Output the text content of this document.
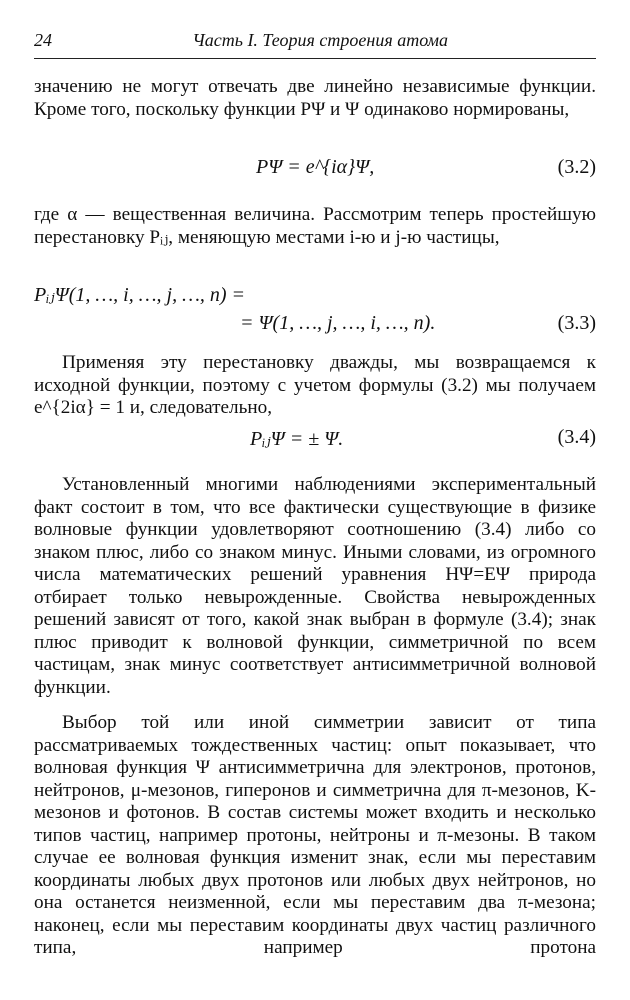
24	Часть I. Теория строения атома
значению не могут отвечать две линейно независимые функции. Кроме того, поскольку функции PΨ и Ψ одинаково нормированы,
PΨ = e^{iα}Ψ,	(3.2)
где α — вещественная величина. Рассмотрим теперь простейшую перестановку Pᵢⱼ, меняющую местами i-ю и j-ю частицы,
PᵢⱼΨ(1, …, i, …, j, …, n) =
= Ψ(1, …, j, …, i, …, n).	(3.3)
Применяя эту перестановку дважды, мы возвращаемся к исходной функции, поэтому с учетом формулы (3.2) мы получаем e^{2iα} = 1 и, следовательно,
PᵢⱼΨ = ± Ψ.	(3.4)
Установленный многими наблюдениями экспериментальный факт состоит в том, что все фактически существующие в физике волновые функции удовлетворяют соотношению (3.4) либо со знаком плюс, либо со знаком минус. Иными словами, из огромного числа математических решений уравнения HΨ=EΨ природа отбирает только невырожденные. Свойства невырожденных решений зависят от того, какой знак выбран в формуле (3.4); знак плюс приводит к волновой функции, симметричной по всем частицам, знак минус соответствует антисимметричной волновой функции.
Выбор той или иной симметрии зависит от типа рассматриваемых тождественных частиц: опыт показывает, что волновая функция Ψ антисимметрична для электронов, протонов, нейтронов, μ-мезонов, гиперонов и симметрична для π-мезонов, K-мезонов и фотонов. В состав системы может входить и несколько типов частиц, например протоны, нейтроны и π-мезоны. В таком случае ее волновая функция изменит знак, если мы переставим координаты любых двух протонов или любых двух нейтронов, но она останется неизменной, если мы переставим два π-мезона; наконец, если мы переставим координаты двух частиц различного типа, например протона
